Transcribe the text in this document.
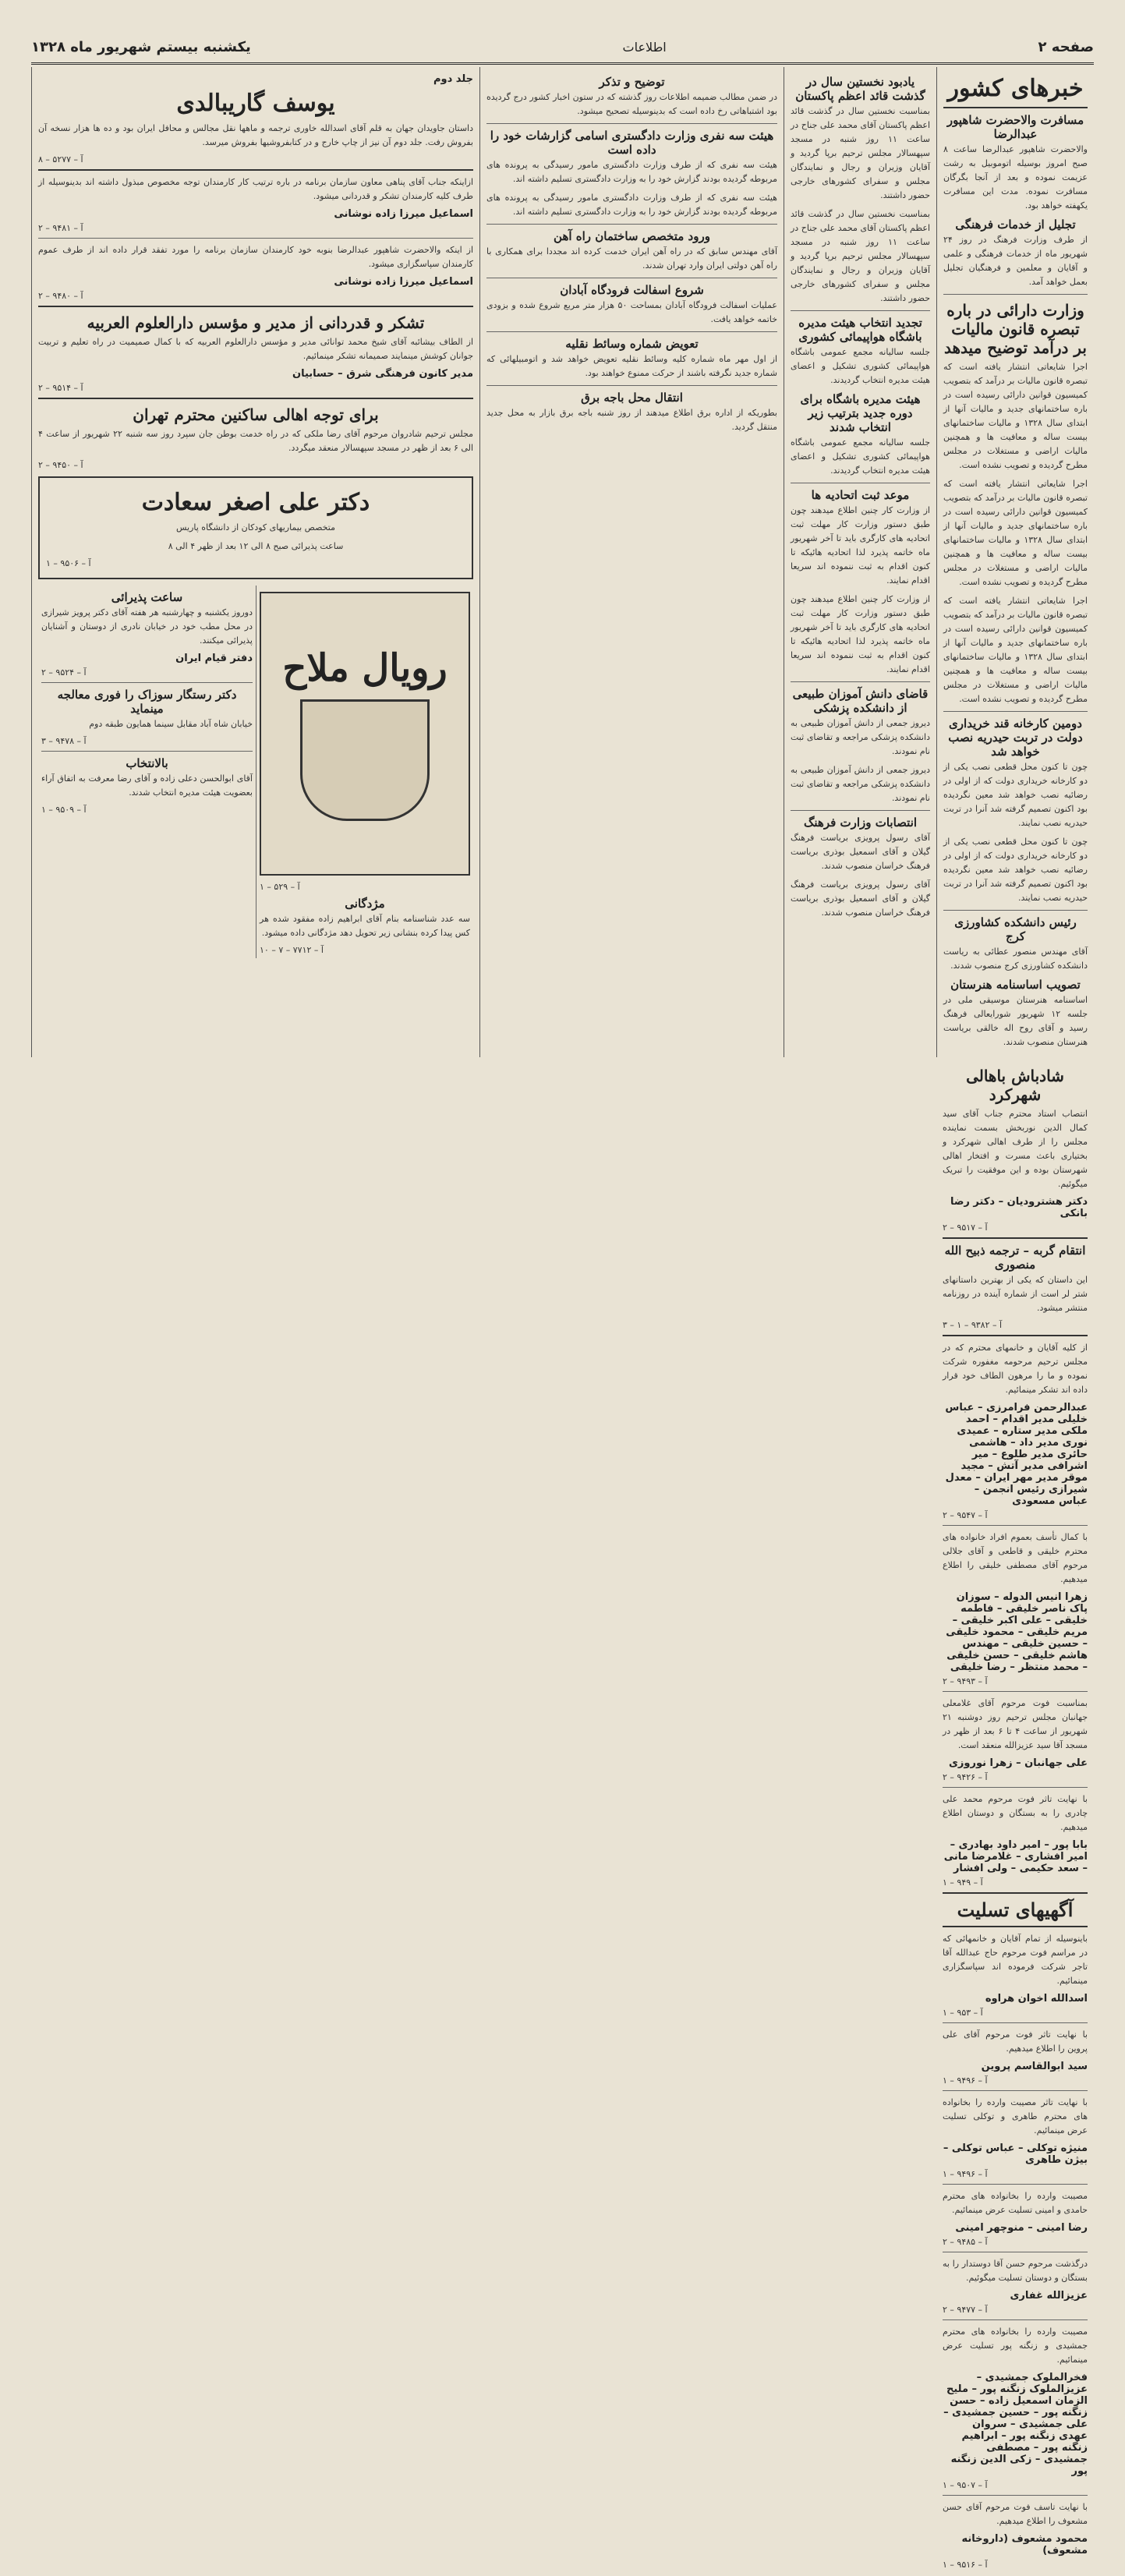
صفحه ۲
اطلاعات
یکشنبه بیستم شهریور ماه ۱۳۲۸
خبرهای کشور
مسافرت والاحضرت شاهپور عبدالرضا

والاحضرت شاهپور عبدالرضا ساعت ۸ صبح امروز بوسیله اتوموبیل به رشت عزیمت نموده و بعد از آنجا بگرگان مسافرت نموده. مدت این مسافرت یکهفته خواهد بود.

تجلیل از خدمات فرهنگی

از طرف وزارت فرهنگ در روز ۲۴ شهریور ماه از خدمات فرهنگی و علمی و آقایان و معلمین و فرهنگیان تجلیل بعمل خواهد آمد.

وزارت دارائی در باره تبصره قانون مالیات بر درآمد توضیح میدهد

اجرا شایعاتی انتشار یافته است که تبصره قانون مالیات بر درآمد که بتصویب کمیسیون قوانین دارائی رسیده است در باره ساختمانهای جدید و مالیات آنها از ابتدای سال ۱۳۲۸ و مالیات ساختمانهای بیست ساله و معافیت ها و همچنین مالیات اراضی و مستغلات در مجلس مطرح گردیده و تصویب نشده است.

اجرا شایعاتی انتشار یافته است که تبصره قانون مالیات بر درآمد که بتصویب کمیسیون قوانین دارائی رسیده است در باره ساختمانهای جدید و مالیات آنها از ابتدای سال ۱۳۲۸ و مالیات ساختمانهای بیست ساله و معافیت ها و همچنین مالیات اراضی و مستغلات در مجلس مطرح گردیده و تصویب نشده است.

اجرا شایعاتی انتشار یافته است که تبصره قانون مالیات بر درآمد که بتصویب کمیسیون قوانین دارائی رسیده است در باره ساختمانهای جدید و مالیات آنها از ابتدای سال ۱۳۲۸ و مالیات ساختمانهای بیست ساله و معافیت ها و همچنین مالیات اراضی و مستغلات در مجلس مطرح گردیده و تصویب نشده است.

دومین کارخانه قند خریداری دولت در تربت حیدریه نصب خواهد شد

چون تا کنون محل قطعی نصب یکی از دو کارخانه خریداری دولت که از اولی در رضائیه نصب خواهد شد معین نگردیده بود اکنون تصمیم گرفته شد آنرا در تربت حیدریه نصب نمایند.

چون تا کنون محل قطعی نصب یکی از دو کارخانه خریداری دولت که از اولی در رضائیه نصب خواهد شد معین نگردیده بود اکنون تصمیم گرفته شد آنرا در تربت حیدریه نصب نمایند.

رئیس دانشکده کشاورزی کرج

آقای مهندس منصور عطائی به ریاست دانشکده کشاورزی کرج منصوب شدند.

تصویب اساسنامه هنرستان

اساسنامه هنرستان موسیقی ملی در جلسه ۱۲ شهریور شورایعالی فرهنگ رسید و آقای روح اله خالقی بریاست هنرستان منصوب شدند.

یادبود نخستین سال در گذشت قائد اعظم پاکستان

بمناسبت نخستین سال در گذشت قائد اعظم پاکستان آقای محمد علی جناح در ساعت ۱۱ روز شنبه در مسجد سپهسالار مجلس ترحیم برپا گردید و آقایان وزیران و رجال و نمایندگان مجلس و سفرای کشورهای خارجی حضور داشتند.

بمناسبت نخستین سال در گذشت قائد اعظم پاکستان آقای محمد علی جناح در ساعت ۱۱ روز شنبه در مسجد سپهسالار مجلس ترحیم برپا گردید و آقایان وزیران و رجال و نمایندگان مجلس و سفرای کشورهای خارجی حضور داشتند.

تجدید انتخاب هیئت مدیره باشگاه هواپیمائی کشوری

جلسه سالیانه مجمع عمومی باشگاه هواپیمائی کشوری تشکیل و اعضای هیئت مدیره انتخاب گردیدند.

هیئت مدیره باشگاه برای دوره جدید بترتیب زیر انتخاب شدند

جلسه سالیانه مجمع عمومی باشگاه هواپیمائی کشوری تشکیل و اعضای هیئت مدیره انتخاب گردیدند.

موعد ثبت اتحادیه ها

از وزارت کار چنین اطلاع میدهند چون طبق دستور وزارت کار مهلت ثبت اتحادیه های کارگری باید تا آخر شهریور ماه خاتمه پذیرد لذا اتحادیه هائیکه تا کنون اقدام به ثبت ننموده اند سریعا اقدام نمایند.

از وزارت کار چنین اطلاع میدهند چون طبق دستور وزارت کار مهلت ثبت اتحادیه های کارگری باید تا آخر شهریور ماه خاتمه پذیرد لذا اتحادیه هائیکه تا کنون اقدام به ثبت ننموده اند سریعا اقدام نمایند.

قاضای دانش آموزان طبیعی از دانشکده پزشکی

دیروز جمعی از دانش آموزان طبیعی به دانشکده پزشکی مراجعه و تقاضای ثبت نام نمودند.

دیروز جمعی از دانش آموزان طبیعی به دانشکده پزشکی مراجعه و تقاضای ثبت نام نمودند.

انتصابات وزارت فرهنگ

آقای رسول پرویزی بریاست فرهنگ گیلان و آقای اسمعیل بوذری بریاست فرهنگ خراسان منصوب شدند.

آقای رسول پرویزی بریاست فرهنگ گیلان و آقای اسمعیل بوذری بریاست فرهنگ خراسان منصوب شدند.

توضیح و تذکر

در ضمن مطالب ضمیمه اطلاعات روز گذشته که در ستون اخبار کشور درج گردیده بود اشتباهاتی رخ داده است که بدینوسیله تصحیح میشود.

هیئت سه نفری وزارت دادگستری اسامی گزارشات خود را داده است

هیئت سه نفری که از طرف وزارت دادگستری مامور رسیدگی به پرونده های مربوطه گردیده بودند گزارش خود را به وزارت دادگستری تسلیم داشته اند.

هیئت سه نفری که از طرف وزارت دادگستری مامور رسیدگی به پرونده های مربوطه گردیده بودند گزارش خود را به وزارت دادگستری تسلیم داشته اند.

ورود متخصص ساختمان راه آهن

آقای مهندس سابق که در راه آهن ایران خدمت کرده اند مجددا برای همکاری با راه آهن دولتی ایران وارد تهران شدند.

شروع اسفالت فرودگاه آبادان

عملیات اسفالت فرودگاه آبادان بمساحت ۵۰ هزار متر مربع شروع شده و بزودی خاتمه خواهد یافت.

تعویض شماره وسائط نقلیه

از اول مهر ماه شماره کلیه وسائط نقلیه تعویض خواهد شد و اتومبیلهائی که شماره جدید نگرفته باشند از حرکت ممنوع خواهند بود.

انتقال محل باجه برق

بطوریکه از اداره برق اطلاع میدهند از روز شنبه باجه برق بازار به محل جدید منتقل گردید.

جلد دوم
یوسف گاریبالدی

داستان جاویدان جهان به قلم آقای اسدالله خاوری ترجمه و ماهها نقل مجالس و محافل ایران بود و ده ها هزار نسخه آن بفروش رفت. جلد دوم آن نیز از چاپ خارج و در کتابفروشیها بفروش میرسد.

آ – ۵۲۷۷ – ۸

ازاینکه جناب آقای پناهی معاون سازمان برنامه در باره ترتیب کار کارمندان توجه مخصوص مبذول داشته اند بدینوسیله از طرف کلیه کارمندان تشکر و قدردانی میشود.

اسماعیل میرزا زاده نوشانی
آ – ۹۴۸۱ – ۲

از اینکه والاحضرت شاهپور عبدالرضا بنوبه خود کارمندان سازمان برنامه را مورد تفقد قرار داده اند از طرف عموم کارمندان سپاسگزاری میشود.

اسماعیل میرزا زاده نوشانی
آ – ۹۴۸۰ – ۲
تشکر و قدردانی از مدیر و مؤسس دارالعلوم العربیه

از الطاف بیشائبه آقای شیخ محمد توانائی مدیر و مؤسس دارالعلوم العربیه که با کمال صمیمیت در راه تعلیم و تربیت جوانان کوشش مینمایند صمیمانه تشکر مینمائیم.

مدیر کانون فرهنگی شرق – حسابیان
آ – ۹۵۱۴ – ۲
برای توجه اهالی ساکنین محترم تهران

مجلس ترحیم شادروان مرحوم آقای رضا ملکی که در راه خدمت بوطن جان سپرد روز سه شنبه ۲۲ شهریور از ساعت ۴ الی ۶ بعد از ظهر در مسجد سپهسالار منعقد میگردد.

آ – ۹۴۵۰ – ۲
دکتر علی اصغر سعادت
متخصص بیماریهای کودکان از دانشگاه پاریس
ساعت پذیرائی صبح ۸ الی ۱۲ بعد از ظهر ۴ الی ۸
آ – ۹۵۰۶ – ۱
رویال ملاح
آ – ۵۲۹ – ۱
مژدگانی

سه عدد شناسنامه بنام آقای ابراهیم زاده مفقود شده هر کس پیدا کرده بنشانی زیر تحویل دهد مژدگانی داده میشود.

آ – ۷۷۱۲ – ۷ – ۱۰
ساعت پذیرائی

دوروز یکشنبه و چهارشنبه هر هفته آقای دکتر پرویز شیرازی در محل مطب خود در خیابان نادری از دوستان و آشنایان پذیرائی میکنند.

دفتر قیام ایران
آ – ۹۵۲۴ – ۲
دکتر رستگار سوزاک را فوری معالجه مینماید

خیابان شاه آباد مقابل سینما همایون طبقه دوم

آ – ۹۴۷۸ – ۳
بالانتخاب

آقای ابوالحسن دعلی زاده و آقای رضا معرفت به اتفاق آراء بعضویت هیئت مدیره انتخاب شدند.

آ – ۹۵۰۹ – ۱
شادباش باهالی شهرکرد

انتصاب استاد محترم جناب آقای سید کمال الدین نوربخش بسمت نماینده مجلس را از طرف اهالی شهرکرد و بختیاری باعث مسرت و افتخار اهالی شهرستان بوده و این موفقیت را تبریک میگوئیم.

دکتر هشترودیان – دکتر رضا بانکی
آ – ۹۵۱۷ – ۲
انتقام گربه – ترجمه ذبیح الله منصوری

این داستان که یکی از بهترین داستانهای شتر لر است از شماره آینده در روزنامه منتشر میشود.

آ – ۹۳۸۲ – ۱ – ۳

از کلیه آقایان و خانمهای محترم که در مجلس ترحیم مرحومه مغفوره شرکت نموده و ما را مرهون الطاف خود قرار داده اند تشکر مینمائیم.

عبدالرحمن فرامرزی – عباس خلیلی مدیر اقدام – احمد ملکی مدیر ستاره – عمیدی نوری مدیر داد – هاشمی حائری مدیر طلوع – میر اشرافی مدیر آتش – مجید موقر مدیر مهر ایران – معدل شیرازی رئیس انجمن – عباس مسعودی
آ – ۹۵۴۷ – ۲

با کمال تأسف بعموم افراد خانواده های محترم خلیقی و قاطعی و آقای جلالی مرحوم آقای مصطفی خلیقی را اطلاع میدهیم.

زهرا انیس الدوله – سوزان پاک ناصر خلیقی – فاطمه خلیقی – علی اکبر خلیقی – مریم خلیقی – محمود خلیقی – حسین خلیقی – مهندس هاشم خلیقی – حسن خلیقی – محمد منتظر – رضا خلیقی
آ – ۹۴۹۳ – ۲

بمناسبت فوت مرحوم آقای غلامعلی جهانبان مجلس ترحیم روز دوشنبه ۲۱ شهریور از ساعت ۴ تا ۶ بعد از ظهر در مسجد آقا سید عزیزالله منعقد است.

علی جهانبان – زهرا نوروزی
آ – ۹۴۲۶ – ۲

با نهایت تاثر فوت مرحوم محمد علی چادری را به بستگان و دوستان اطلاع میدهیم.

بابا پور – امیر داود بهادری – امیر افشاری – غلامرضا مانی – سعد حکیمی – ولی افشار
آ – ۹۴۹ – ۱
آگهیهای تسلیت

باینوسیله از تمام آقایان و خانمهائی که در مراسم فوت مرحوم حاج عبدالله آقا تاجر شرکت فرموده اند سپاسگزاری مینمائیم.

اسدالله اخوان هراوه
آ – ۹۵۳ – ۱

با نهایت تاثر فوت مرحوم آقای علی پروین را اطلاع میدهیم.

سید ابوالقاسم پروین
آ – ۹۴۹۶ – ۱

با نهایت تاثر مصیبت وارده را بخانواده های محترم طاهری و توکلی تسلیت عرض مینمائیم.

منیژه توکلی – عباس توکلی – بیژن طاهری
آ – ۹۴۹۶ – ۱

مصیبت وارده را بخانواده های محترم حامدی و امینی تسلیت عرض مینمائیم.

رضا امینی – منوچهر امینی
آ – ۹۴۸۵ – ۲

درگذشت مرحوم حسن آقا دوستدار را به بستگان و دوستان تسلیت میگوئیم.

عزیزالله غفاری
آ – ۹۴۷۷ – ۲

مصیبت وارده را بخانواده های محترم جمشیدی و زنگنه پور تسلیت عرض مینمائیم.

فخرالملوک جمشیدی – عزیزالملوک زنگنه پور – ملیح الزمان اسمعیل زاده – حسن زنگنه پور – حسین جمشیدی – علی جمشیدی – سروان عهدی زنگنه پور – ابراهیم زنگنه پور – مصطفی جمشیدی – زکی الدین زنگنه پور
آ – ۹۵۰۷ – ۱

با نهایت تاسف فوت مرحوم آقای حسن مشعوف را اطلاع میدهیم.

محمود مشعوف (داروخانه مشعوف)
آ – ۹۵۱۶ – ۱
